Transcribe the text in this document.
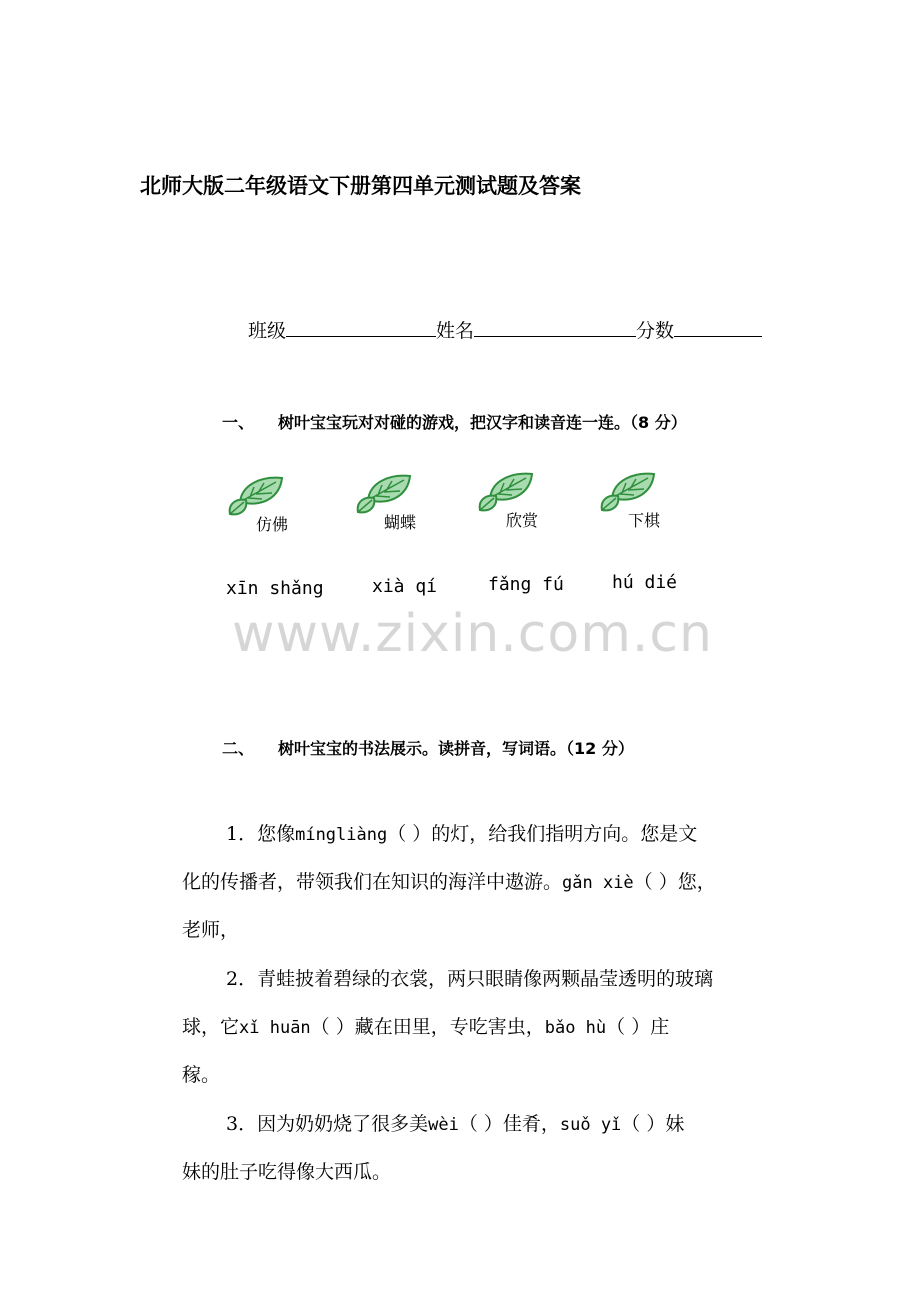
北师大版二年级语文下册第四单元测试题及答案
班级	姓名	分数
一、 树叶宝宝玩对对碰的游戏，把汉字和读音连一连。（8 分）
仿佛	蝴蝶	欣赏	下棋
xīn shǎng	xià qí	fǎng fú	hú dié
www.zixin.com.cn
二、 树叶宝宝的书法展示。读拼音，写词语。（12 分）
1．您像míngliàng（ ）的灯，给我们指明方向。您是文
化的传播者，带领我们在知识的海洋中遨游。gǎn xiè（ ）您，
老师，
2．青蛙披着碧绿的衣裳，两只眼睛像两颗晶莹透明的玻璃
球，它xǐ huān（ ）藏在田里，专吃害虫，bǎo hù（ ）庄
稼。
3．因为奶奶烧了很多美wèi（ ）佳肴，suǒ yǐ（ ）妹
妹的肚子吃得像大西瓜。
